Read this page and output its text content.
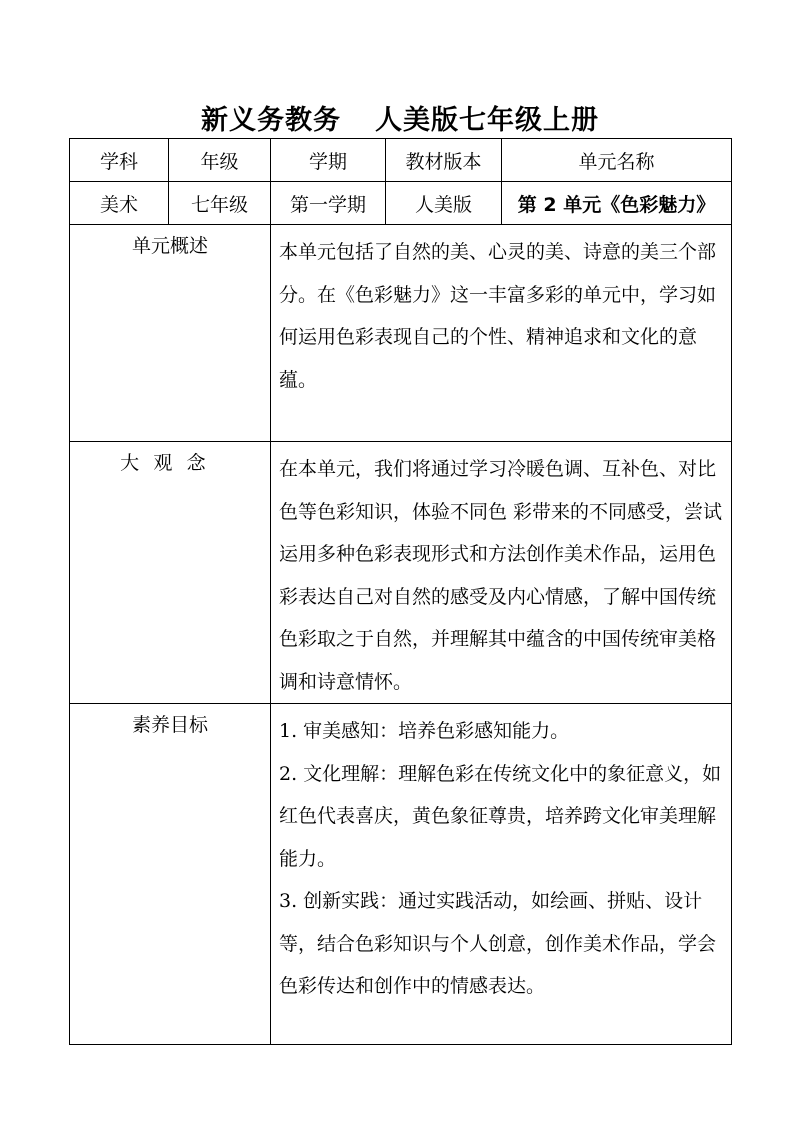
新义务教务 人美版七年级上册
学科	年级	学期	教材版本	单元名称
美术	七年级	第一学期	人美版	第 2 单元《色彩魅力》
单元概述		本单元包括了自然的美、心灵的美、诗意的美三个部分。在《色彩魅力》这一丰富多彩的单元中，学习如何运用色彩表现自己的个性、精神追求和文化的意蕴。		
大观念		在本单元，我们将通过学习冷暖色调、互补色、对比色等色彩知识，体验不同色 彩带来的不同感受，尝试运用多种色彩表现形式和方法创作美术作品，运用色彩表达自己对自然的感受及内心情感，了解中国传统色彩取之于自然，并理解其中蕴含的中国传统审美格调和诗意情怀。		
素养目标		1. 审美感知：培养色彩感知能力。
2. 文化理解：理解色彩在传统文化中的象征意义，如红色代表喜庆，黄色象征尊贵，培养跨文化审美理解能力。
3. 创新实践：通过实践活动，如绘画、拼贴、设计等，结合色彩知识与个人创意，创作美术作品，学会色彩传达和创作中的情感表达。		
